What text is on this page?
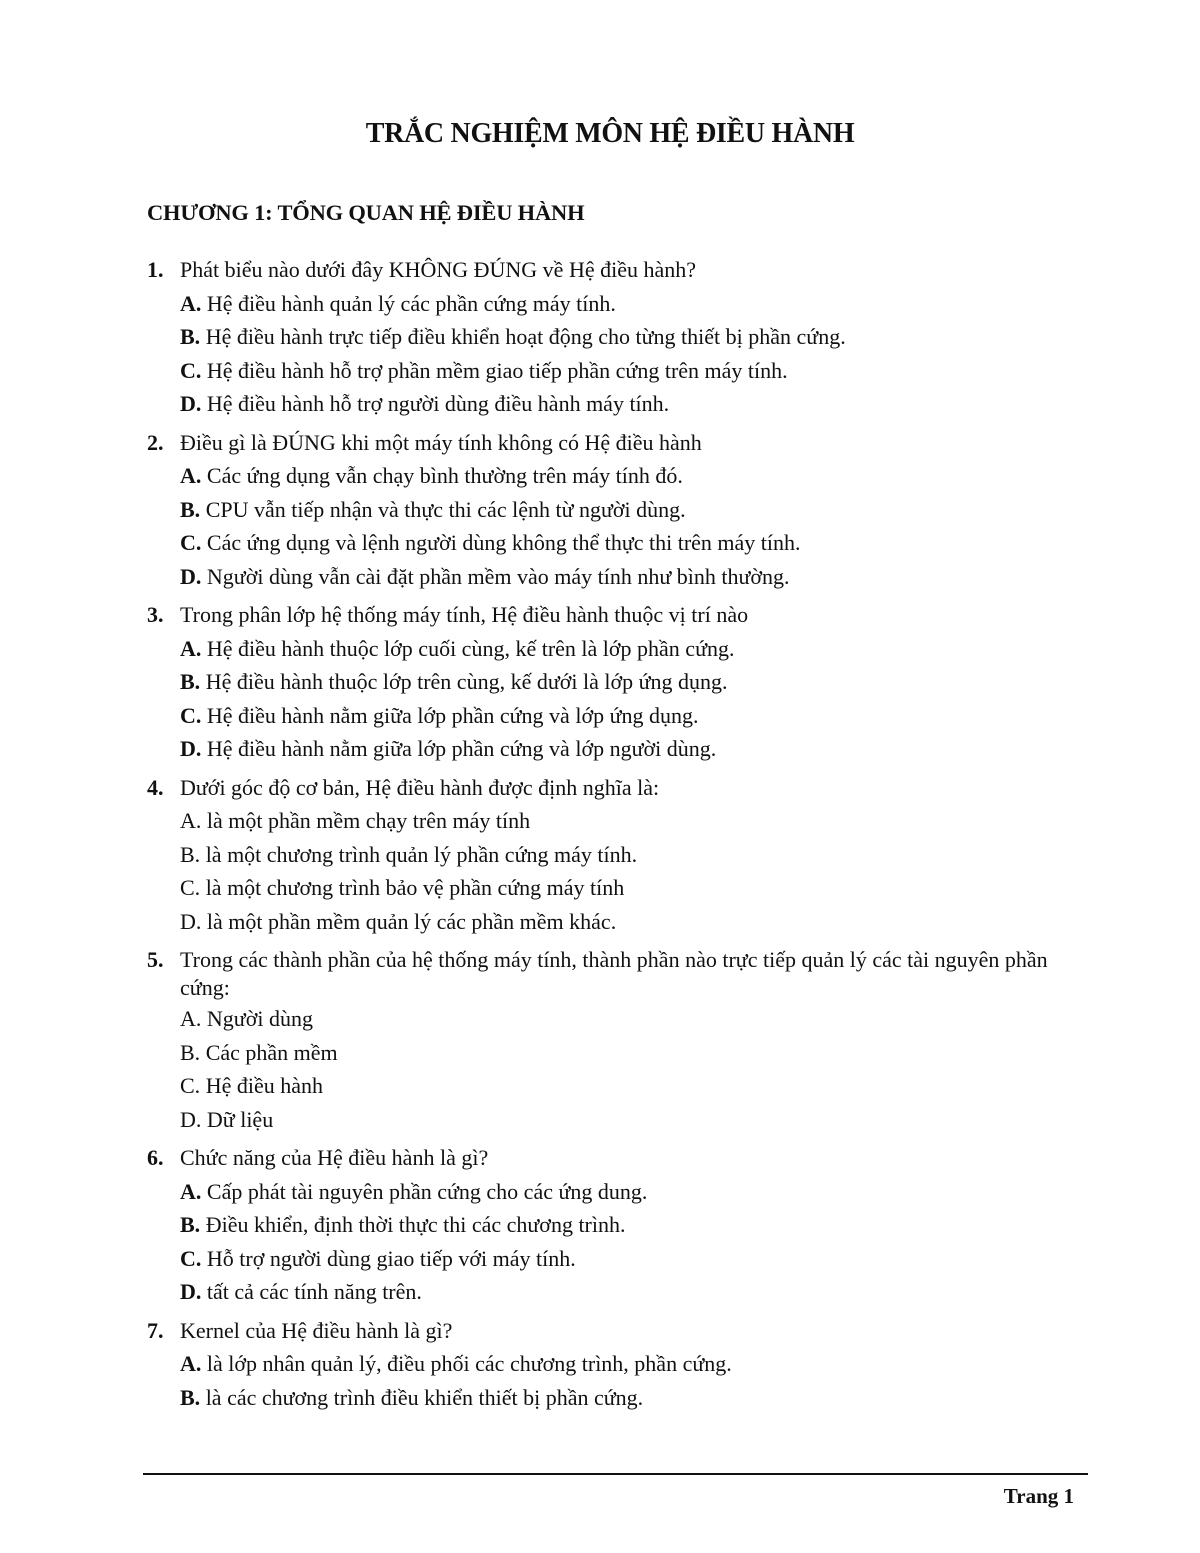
TRẮC NGHIỆM MÔN HỆ ĐIỀU HÀNH
CHƯƠNG 1: TỔNG QUAN HỆ ĐIỀU HÀNH
1. Phát biểu nào dưới đây KHÔNG ĐÚNG về Hệ điều hành?
A. Hệ điều hành quản lý các phần cứng máy tính.
B. Hệ điều hành trực tiếp điều khiển hoạt động cho từng thiết bị phần cứng.
C. Hệ điều hành hỗ trợ phần mềm giao tiếp phần cứng trên máy tính.
D. Hệ điều hành hỗ trợ người dùng điều hành máy tính.
2. Điều gì là ĐÚNG khi một máy tính không có Hệ điều hành
A. Các ứng dụng vẫn chạy bình thường trên máy tính đó.
B. CPU vẫn tiếp nhận và thực thi các lệnh từ người dùng.
C. Các ứng dụng và lệnh người dùng không thể thực thi trên máy tính.
D. Người dùng vẫn cài đặt phần mềm vào máy tính như bình thường.
3. Trong phân lớp hệ thống máy tính, Hệ điều hành thuộc vị trí nào
A. Hệ điều hành thuộc lớp cuối cùng, kế trên là lớp phần cứng.
B. Hệ điều hành thuộc lớp trên cùng, kế dưới là lớp ứng dụng.
C. Hệ điều hành nằm giữa lớp phần cứng và lớp ứng dụng.
D. Hệ điều hành nằm giữa lớp phần cứng và lớp người dùng.
4. Dưới góc độ cơ bản, Hệ điều hành được định nghĩa là:
A. là một phần mềm chạy trên máy tính
B. là một chương trình quản lý phần cứng máy tính.
C. là một chương trình bảo vệ phần cứng máy tính
D. là một phần mềm quản lý các phần mềm khác.
5. Trong các thành phần của hệ thống máy tính, thành phần nào trực tiếp quản lý các tài nguyên phần cứng:
A. Người dùng
B. Các phần mềm
C. Hệ điều hành
D. Dữ liệu
6. Chức năng của Hệ điều hành là gì?
A. Cấp phát tài nguyên phần cứng cho các ứng dung.
B. Điều khiển, định thời thực thi các chương trình.
C. Hỗ trợ người dùng giao tiếp với máy tính.
D. tất cả các tính năng trên.
7. Kernel của Hệ điều hành là gì?
A. là lớp nhân quản lý, điều phối các chương trình, phần cứng.
B. là các chương trình điều khiển thiết bị phần cứng.
Trang 1
